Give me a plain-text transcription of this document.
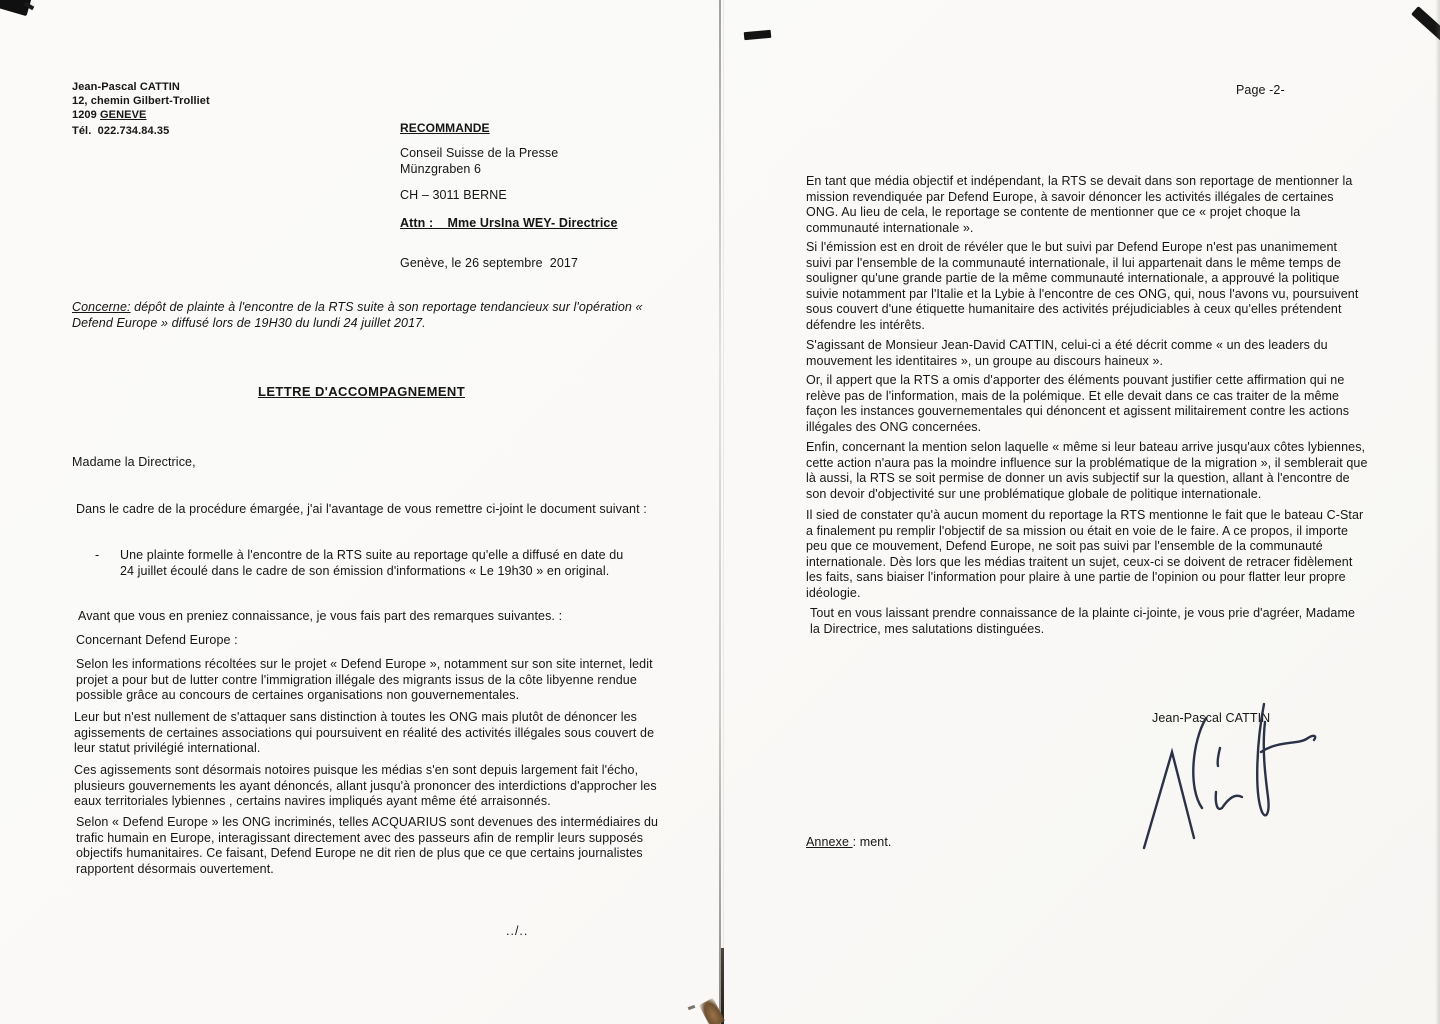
Jean-Pascal CATTIN
12, chemin Gilbert-Trolliet
1209 GENEVE
Tél.  022.734.84.35	RECOMMANDE
Conseil Suisse de la Presse
Münzgraben 6
CH – 3011 BERNE
Attn :    Mme UrsIna WEY- Directrice
Genève, le 26 septembre  2017
Concerne: dépôt de plainte à l'encontre de la RTS suite à son reportage tendancieux sur l'opération « Defend Europe » diffusé lors de 19H30 du lundi 24 juillet 2017.
LETTRE D'ACCOMPAGNEMENT
Madame la Directrice,
Dans le cadre de la procédure émargée, j'ai l'avantage de vous remettre ci-joint le document suivant :
- Une plainte formelle à l'encontre de la RTS suite au reportage qu'elle a diffusé en date du 24 juillet écoulé dans le cadre de son émission d'informations « Le 19h30 » en original.
Avant que vous en preniez connaissance, je vous fais part des remarques suivantes. :
Concernant Defend Europe :
Selon les informations récoltées sur le projet « Defend Europe », notamment sur son site internet, ledit projet a pour but de lutter contre l'immigration illégale des migrants issus de la côte libyenne rendue possible grâce au concours de certaines organisations non gouvernementales.
Leur but n'est nullement de s'attaquer sans distinction à toutes les ONG mais plutôt de dénoncer les agissements de certaines associations qui poursuivent en réalité des activités illégales sous couvert de leur statut privilégié international.
Ces agissements sont désormais notoires puisque les médias s'en sont depuis largement fait l'écho, plusieurs gouvernements les ayant dénoncés, allant jusqu'à prononcer des interdictions d'approcher les eaux territoriales lybiennes , certains navires impliqués ayant même été arraisonnés.
Selon « Defend Europe » les ONG incriminés, telles ACQUARIUS sont devenues des intermédiaires du trafic humain en Europe, interagissant directement avec des passeurs afin de remplir leurs supposés objectifs humanitaires. Ce faisant, Defend Europe ne dit rien de plus que ce que certains journalistes rapportent désormais ouvertement.
../..
Page -2-
En tant que média objectif et indépendant, la RTS se devait dans son reportage de mentionner la mission revendiquée par Defend Europe, à savoir dénoncer les activités illégales de certaines ONG. Au lieu de cela, le reportage se contente de mentionner que ce « projet choque la communauté internationale ».
Si l'émission est en droit de révéler que le but suivi par Defend Europe n'est pas unanimement suivi par l'ensemble de la communauté internationale, il lui appartenait dans le même temps de souligner qu'une grande partie de la même communauté internationale, a approuvé la politique suivie notamment par l'Italie et la Lybie à l'encontre de ces ONG, qui, nous l'avons vu, poursuivent sous couvert d'une étiquette humanitaire des activités préjudiciables à ceux qu'elles prétendent défendre les intérêts.
S'agissant de Monsieur Jean-David CATTIN, celui-ci a été décrit comme « un des leaders du mouvement les identitaires », un groupe au discours haineux ».
Or, il appert que la RTS a omis d'apporter des éléments pouvant justifier cette affirmation qui ne relève pas de l'information, mais de la polémique. Et elle devait dans ce cas traiter de la même façon les instances gouvernementales qui dénoncent et agissent militairement contre les actions illégales des ONG concernées.
Enfin, concernant la mention selon laquelle « même si leur bateau arrive jusqu'aux côtes lybiennes, cette action n'aura pas la moindre influence sur la problématique de la migration », il semblerait que là aussi, la RTS se soit permise de donner un avis subjectif sur la question, allant à l'encontre de son devoir d'objectivité sur une problématique globale de politique internationale.
Il sied de constater qu'à aucun moment du reportage la RTS mentionne le fait que le bateau C-Star a finalement pu remplir l'objectif de sa mission ou était en voie de le faire. A ce propos, il importe peu que ce mouvement, Defend Europe, ne soit pas suivi par l'ensemble de la communauté internationale. Dès lors que les médias traitent un sujet, ceux-ci se doivent de retracer fidèlement les faits, sans biaiser l'information pour plaire à une partie de l'opinion ou pour flatter leur propre idéologie.
Tout en vous laissant prendre connaissance de la plainte ci-jointe, je vous prie d'agréer, Madame la Directrice, mes salutations distinguées.
Jean-Pascal CATTIN
Annexe : ment.
